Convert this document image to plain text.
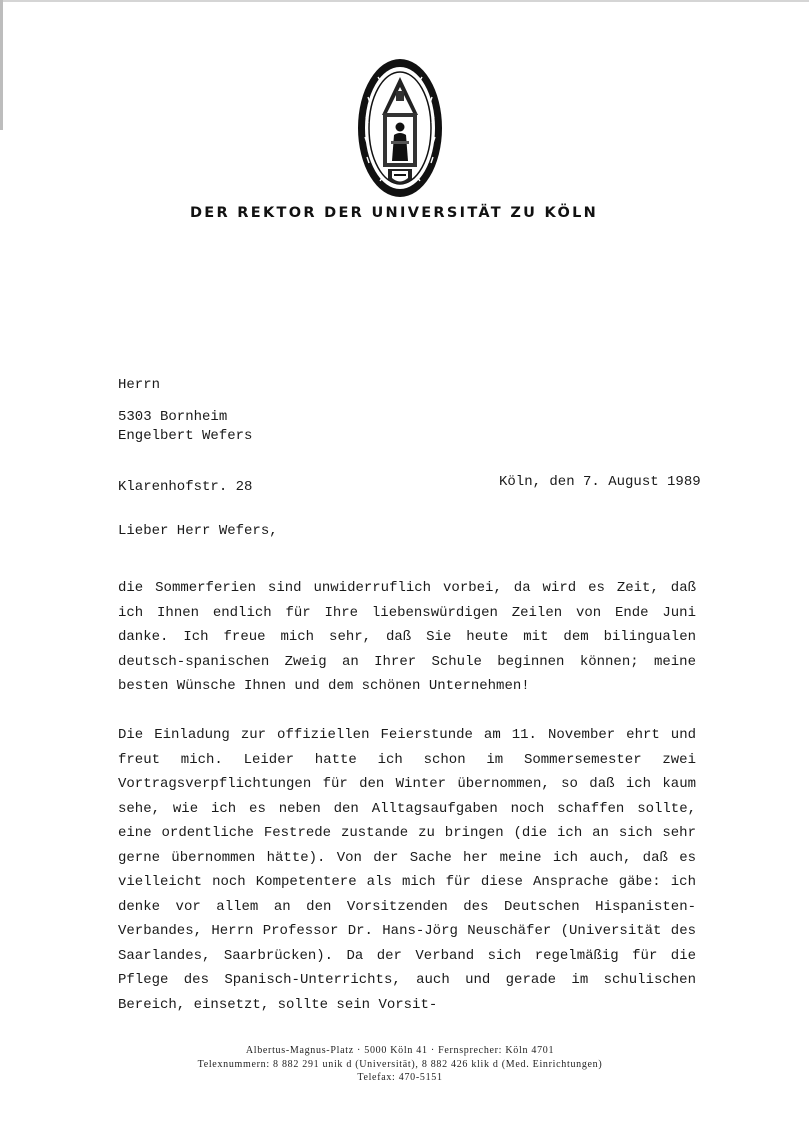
DER REKTOR DER UNIVERSITÄT ZU KÖLN

Herrn

Engelbert Wefers

Klarenhofstr. 28

5303 Bornheim
Köln, den 7. August 1989
Lieber Herr Wefers,
die Sommerferien sind unwiderruflich vorbei, da wird es Zeit, daß ich Ihnen endlich für Ihre liebenswürdigen Zeilen von Ende Juni danke. Ich freue mich sehr, daß Sie heute mit dem bilingualen deutsch-spanischen Zweig an Ihrer Schule beginnen können; meine besten Wünsche Ihnen und dem schönen Unternehmen!
Die Einladung zur offiziellen Feierstunde am 11. November ehrt und freut mich. Leider hatte ich schon im Sommersemester zwei Vortragsverpflichtungen für den Winter übernommen, so daß ich kaum sehe, wie ich es neben den Alltagsaufgaben noch schaffen sollte, eine ordentliche Festrede zustande zu bringen (die ich an sich sehr gerne übernommen hätte). Von der Sache her meine ich auch, daß es vielleicht noch Kompetentere als mich für diese Ansprache gäbe: ich denke vor allem an den Vorsitzenden des Deutschen Hispanisten-Verbandes, Herrn Professor Dr. Hans-Jörg Neuschäfer (Universität des Saarlandes, Saarbrücken). Da der Verband sich regelmäßig für die Pflege des Spanisch-Unterrichts, auch und gerade im schulischen Bereich, einsetzt, sollte sein Vorsit-
Albertus-Magnus-Platz · 5000 Köln 41 · Fernsprecher: Köln 4701
Telexnummern: 8 882 291 unik d (Universität), 8 882 426 klik d (Med. Einrichtungen)
Telefax: 470-5151
